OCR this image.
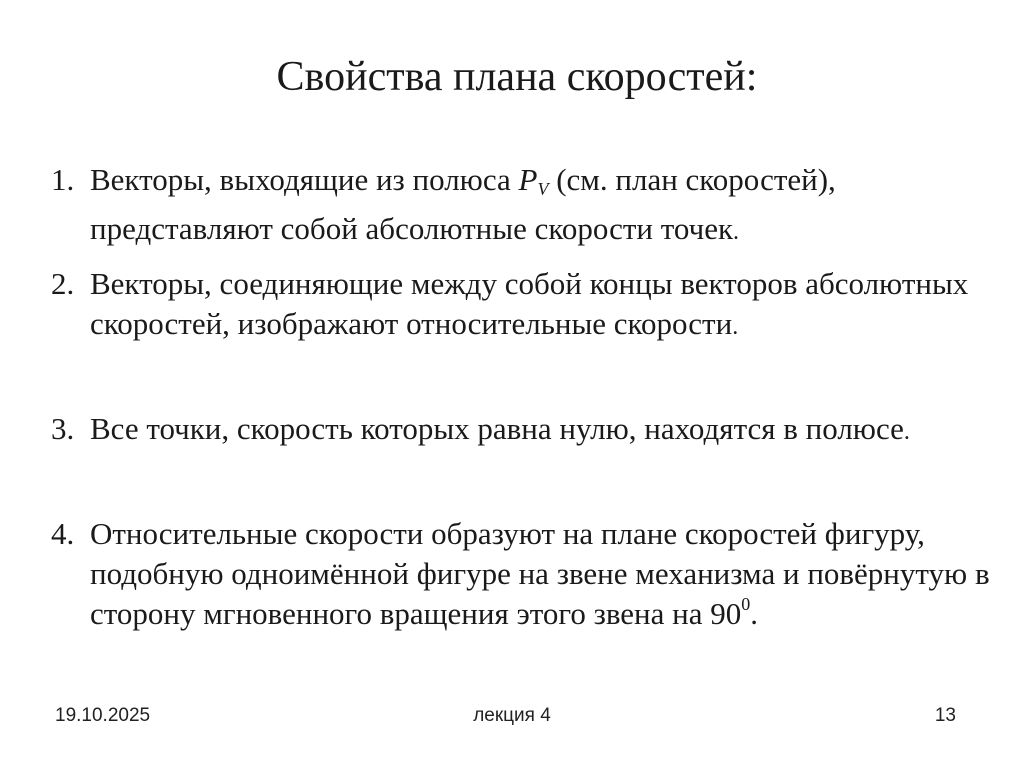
Свойства плана скоростей:
1. Векторы, выходящие из полюса $P_V$ (см. план скоростей), представляют собой абсолютные скорости точек.
2. Векторы, соединяющие между собой концы векторов абсолютных скоростей, изображают относительные скорости.
3. Все точки, скорость которых равна нулю, находятся в полюсе.
4. Относительные скорости образуют на плане скоростей фигуру, подобную одноимённой фигуре на звене механизма и повёрнутую в сторону мгновенного вращения этого звена на $90^0$.
19.10.2025	лекция 4	13
